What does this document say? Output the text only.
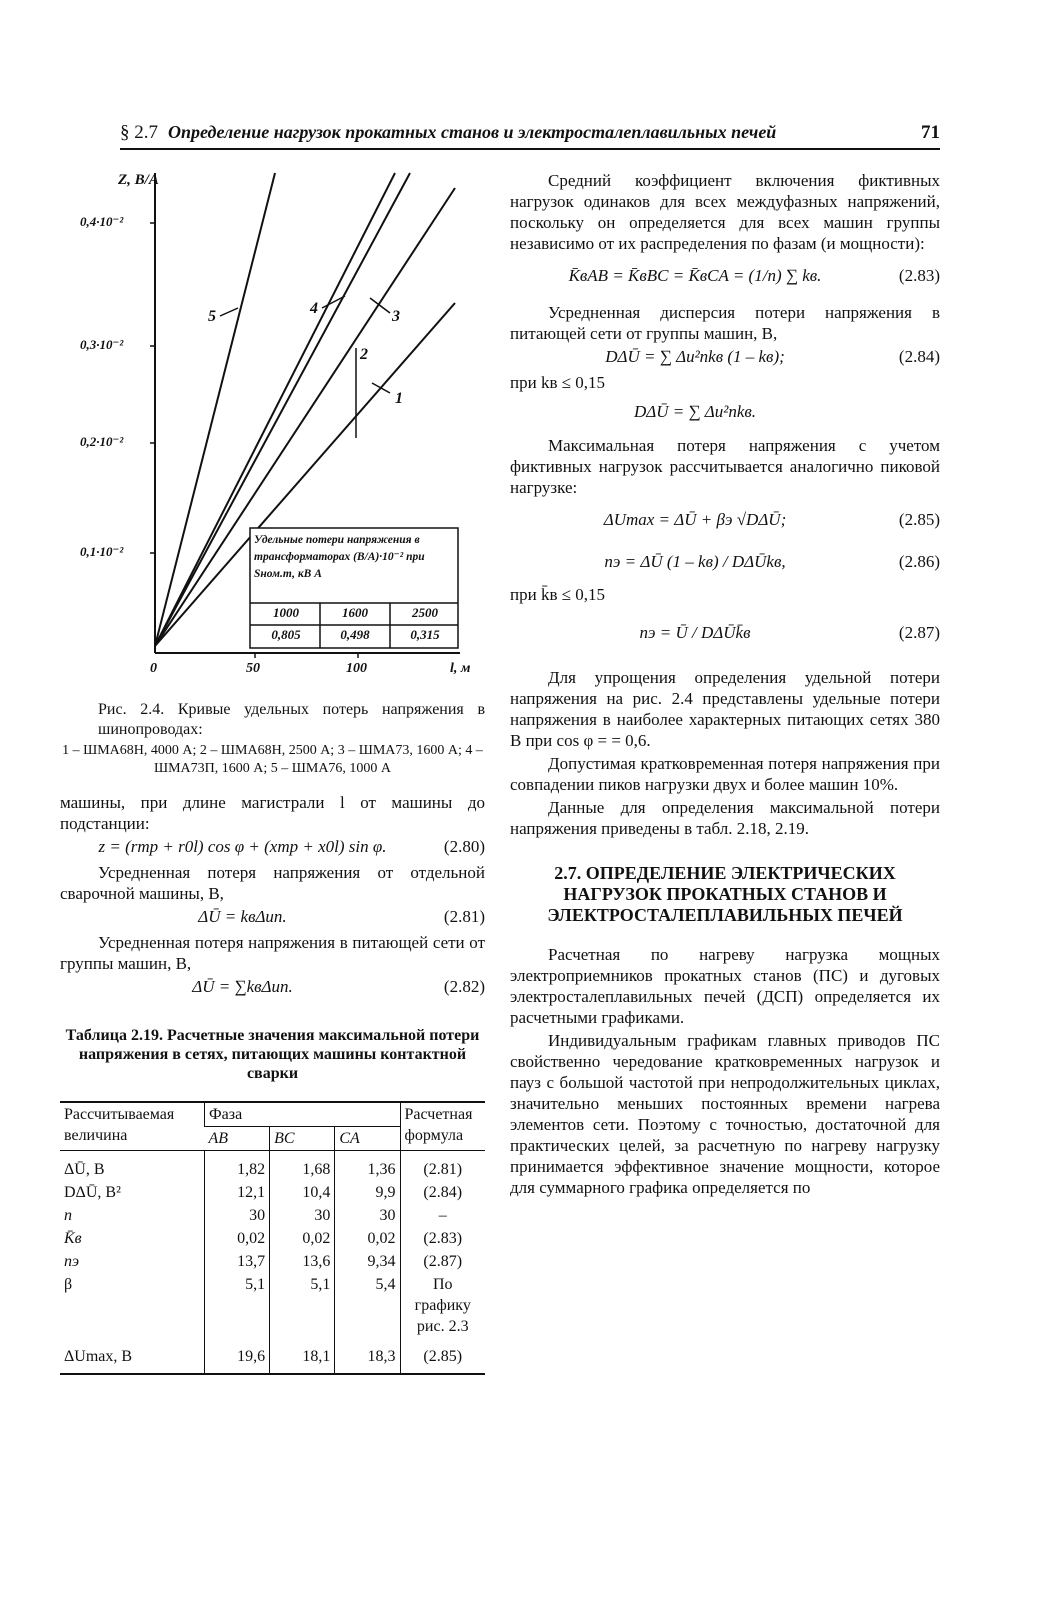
§ 2.7 Определение нагрузок прокатных станов и электросталеплавильных печей	71
Z, В/А
0,4·10⁻²
0,3·10⁻²
0,2·10⁻²
0,1·10⁻²
0	50	100	l, м
5	4	3
2
1
Удельные потери напряжения в трансформаторах (В/А)·10⁻² при Sном.т, кВ А
1000	1600	2500
0,805	0,498	0,315

Рис. 2.4. Кривые удельных потерь напряжения в шинопроводах:

1 – ШМА68Н, 4000 А; 2 – ШМА68Н, 2500 А; 3 – ШМА73, 1600 А; 4 – ШМА73П, 1600 А; 5 – ШМА76, 1000 А

машины, при длине магистрали l от машины до подстанции:

z = (rтр + r0l) cos φ + (xтр + x0l) sin φ.	(2.80)

Усредненная потеря напряжения от отдельной сварочной машины, В,

ΔŪ = kвΔuп.	(2.81)

Усредненная потеря напряжения в питающей сети от группы машин, В,

ΔŪ = ∑kвΔuп.	(2.82)
Таблица 2.19. Расчетные значения максимальной потери напряжения в сетях, питающих машины контактной сварки
Рассчитываемая величина	Фаза			Расчетная формула
	AB	BC	CA	
ΔŪ, В	1,82	1,68	1,36	(2.81)
DΔŪ, В²	12,1	10,4	9,9	(2.84)
n	30	30	30	–
K̄в	0,02	0,02	0,02	(2.83)
nэ	13,7	13,6	9,34	(2.87)
β	5,1	5,1	5,4	По графику рис. 2.3
ΔUmax, В	19,6	18,1	18,3	(2.85)

Средний коэффициент включения фиктивных нагрузок одинаков для всех междуфазных напряжений, поскольку он определяется для всех машин группы независимо от их распределения по фазам (и мощности):

K̄вAB = K̄вBC = K̄вCA = (1/n) ∑ kв.	(2.83)

Усредненная дисперсия потери напряжения в питающей сети от группы машин, В,

DΔŪ = ∑ Δu²пkв (1 – kв);	(2.84)

при kв ≤ 0,15

DΔŪ = ∑ Δu²пkв.

Максимальная потеря напряжения с учетом фиктивных нагрузок рассчитывается аналогично пиковой нагрузке:

ΔUmax = ΔŪ + βэ √DΔŪ;	(2.85)
nэ = ΔŪ (1 – kв) / DΔŪkв,	(2.86)

при k̄в ≤ 0,15

nэ = Ū / DΔŪk̄в	(2.87)

Для упрощения определения удельной потери напряжения на рис. 2.4 представлены удельные потери напряжения в наиболее характерных питающих сетях 380 В при cos φ = = 0,6.

Допустимая кратковременная потеря напряжения при совпадении пиков нагрузки двух и более машин 10%.

Данные для определения максимальной потери напряжения приведены в табл. 2.18, 2.19.

2.7. ОПРЕДЕЛЕНИЕ ЭЛЕКТРИЧЕСКИХ НАГРУЗОК ПРОКАТНЫХ СТАНОВ И ЭЛЕКТРОСТАЛЕПЛАВИЛЬНЫХ ПЕЧЕЙ

Расчетная по нагреву нагрузка мощных электроприемников прокатных станов (ПС) и дуговых электросталеплавильных печей (ДСП) определяется их расчетными графиками.

Индивидуальным графикам главных приводов ПС свойственно чередование кратковременных нагрузок и пауз с большой частотой при непродолжительных циклах, значительно меньших постоянных времени нагрева элементов сети. Поэтому с точностью, достаточной для практических целей, за расчетную по нагреву нагрузку принимается эффективное значение мощности, которое для суммарного графика определяется по
